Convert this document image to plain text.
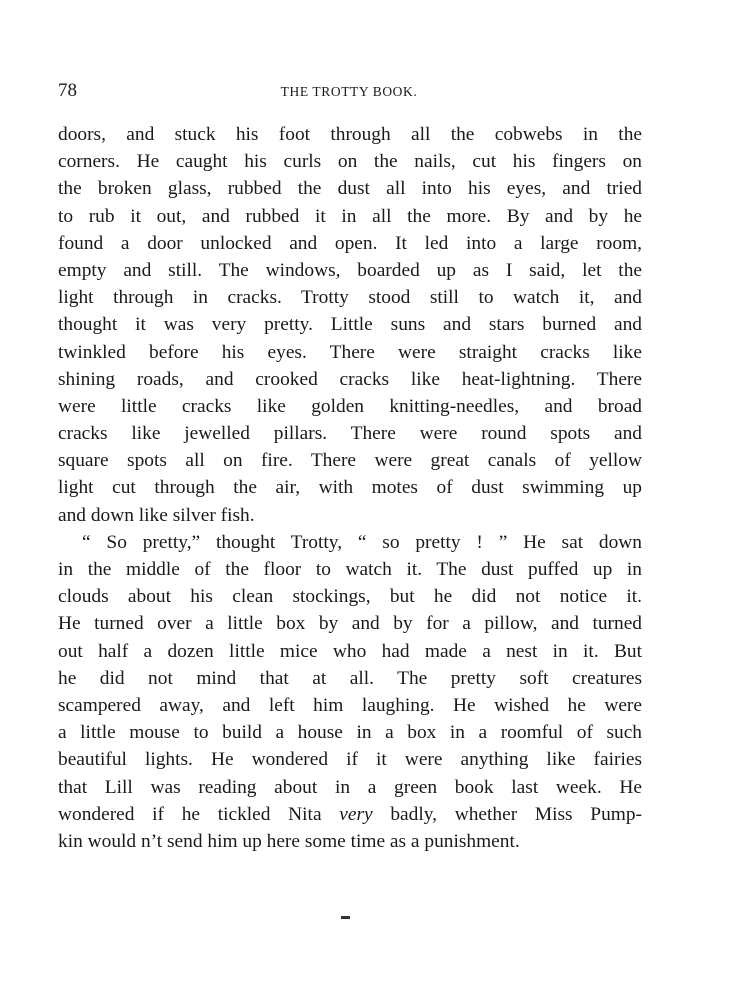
78	THE TROTTY BOOK.
doors, and stuck his foot through all the cobwebs in the
corners. He caught his curls on the nails, cut his fingers on
the broken glass, rubbed the dust all into his eyes, and tried
to rub it out, and rubbed it in all the more. By and by he
found a door unlocked and open. It led into a large room,
empty and still. The windows, boarded up as I said, let the
light through in cracks. Trotty stood still to watch it, and
thought it was very pretty. Little suns and stars burned and
twinkled before his eyes. There were straight cracks like
shining roads, and crooked cracks like heat-lightning. There
were little cracks like golden knitting-needles, and broad
cracks like jewelled pillars. There were round spots and
square spots all on fire. There were great canals of yellow
light cut through the air, with motes of dust swimming up
and down like silver fish.
“ So pretty,” thought Trotty, “ so pretty ! ” He sat down
in the middle of the floor to watch it. The dust puffed up in
clouds about his clean stockings, but he did not notice it.
He turned over a little box by and by for a pillow, and turned
out half a dozen little mice who had made a nest in it. But
he did not mind that at all. The pretty soft creatures
scampered away, and left him laughing. He wished he were
a little mouse to build a house in a box in a roomful of such
beautiful lights. He wondered if it were anything like fairies
that Lill was reading about in a green book last week. He
wondered if he tickled Nita very badly, whether Miss Pump-
kin would n’t send him up here some time as a punishment.
